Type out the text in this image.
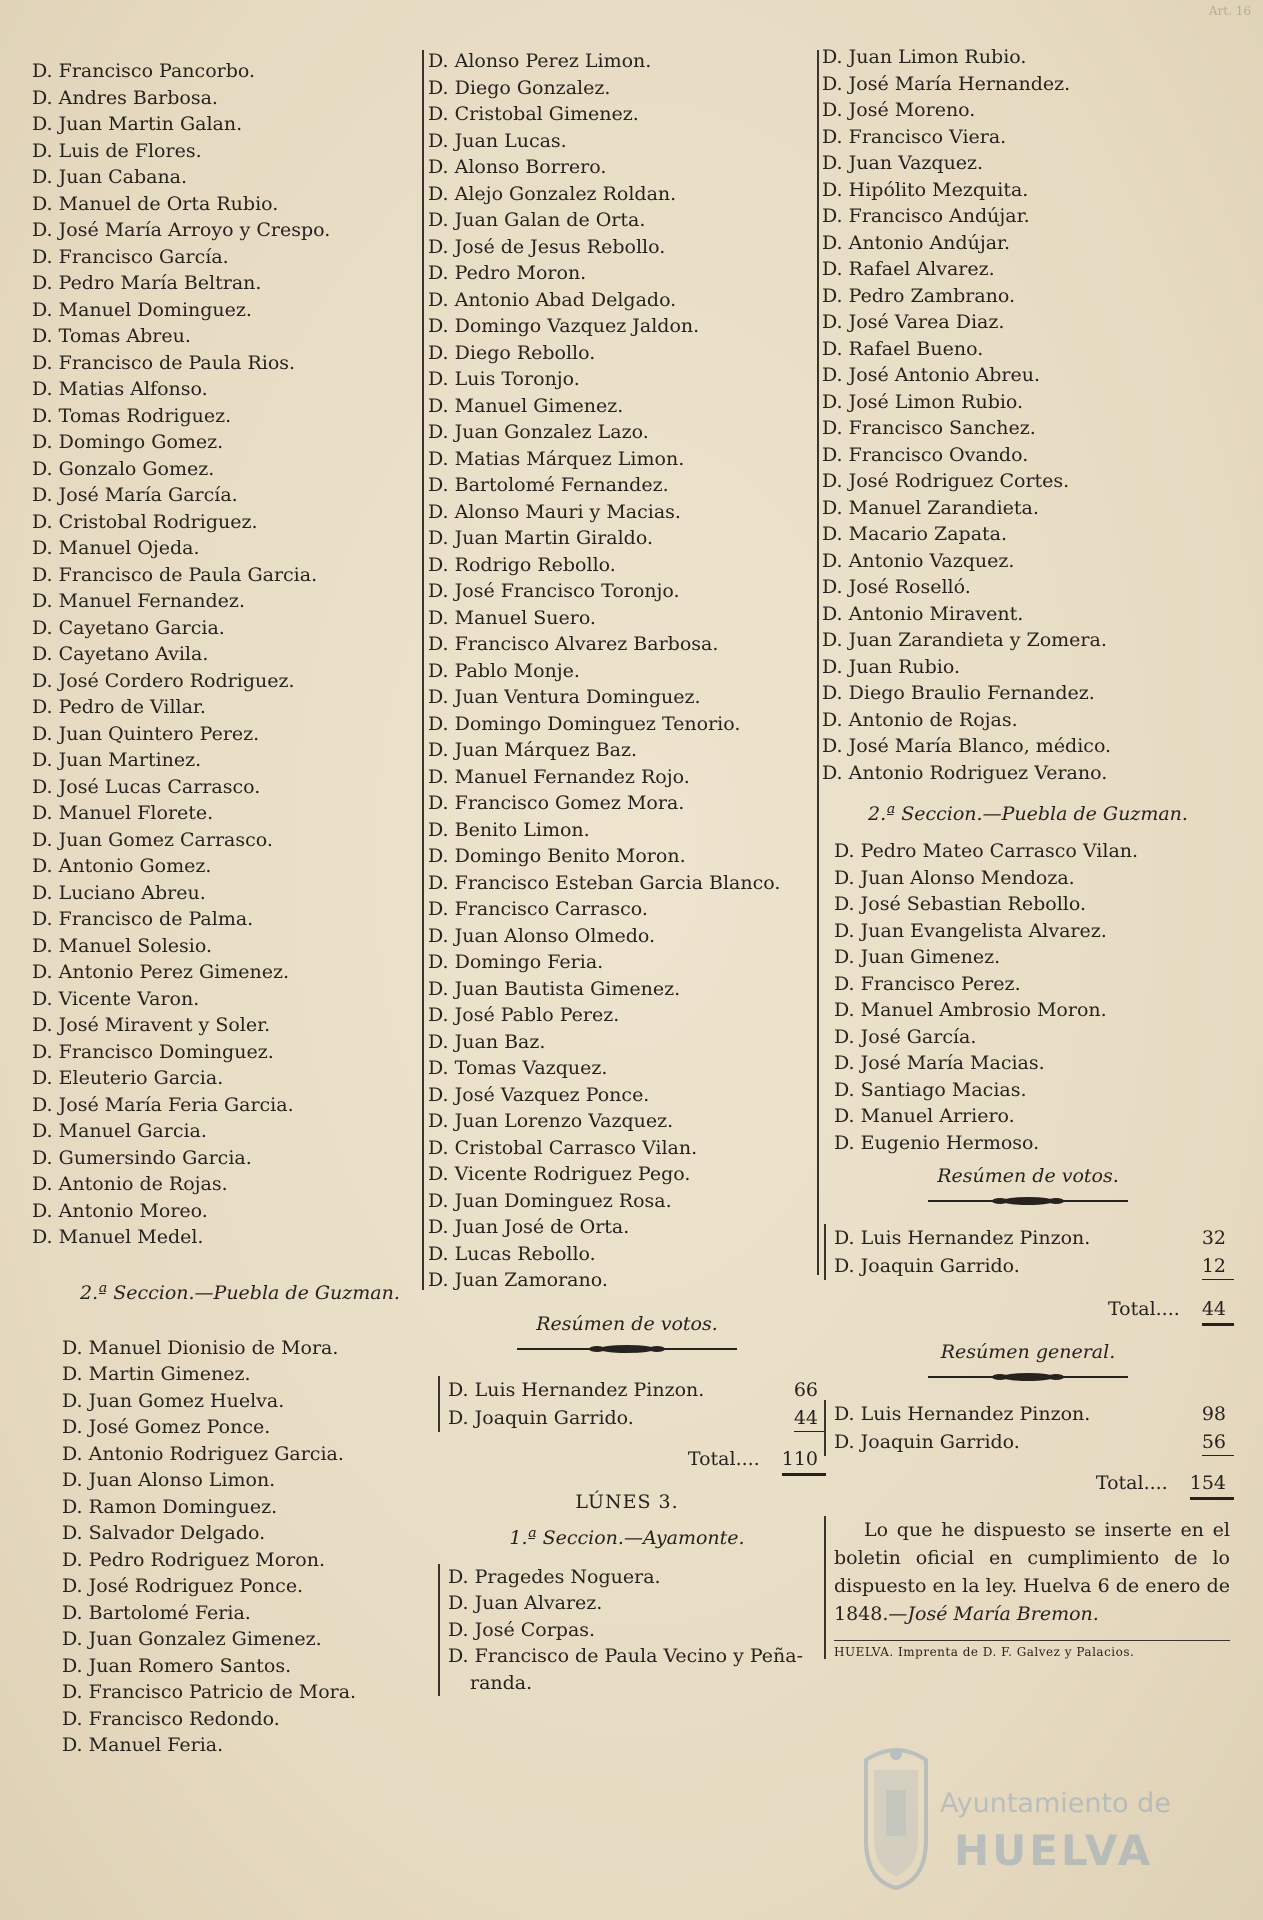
Art. 16
D. Francisco Pancorbo.
D. Andres Barbosa.
D. Juan Martin Galan.
D. Luis de Flores.
D. Juan Cabana.
D. Manuel de Orta Rubio.
D. José María Arroyo y Crespo.
D. Francisco García.
D. Pedro María Beltran.
D. Manuel Dominguez.
D. Tomas Abreu.
D. Francisco de Paula Rios.
D. Matias Alfonso.
D. Tomas Rodriguez.
D. Domingo Gomez.
D. Gonzalo Gomez.
D. José María García.
D. Cristobal Rodriguez.
D. Manuel Ojeda.
D. Francisco de Paula Garcia.
D. Manuel Fernandez.
D. Cayetano Garcia.
D. Cayetano Avila.
D. José Cordero Rodriguez.
D. Pedro de Villar.
D. Juan Quintero Perez.
D. Juan Martinez.
D. José Lucas Carrasco.
D. Manuel Florete.
D. Juan Gomez Carrasco.
D. Antonio Gomez.
D. Luciano Abreu.
D. Francisco de Palma.
D. Manuel Solesio.
D. Antonio Perez Gimenez.
D. Vicente Varon.
D. José Miravent y Soler.
D. Francisco Dominguez.
D. Eleuterio Garcia.
D. José María Feria Garcia.
D. Manuel Garcia.
D. Gumersindo Garcia.
D. Antonio de Rojas.
D. Antonio Moreo.
D. Manuel Medel.
2.ª Seccion.—Puebla de Guzman.
D. Manuel Dionisio de Mora.
D. Martin Gimenez.
D. Juan Gomez Huelva.
D. José Gomez Ponce.
D. Antonio Rodriguez Garcia.
D. Juan Alonso Limon.
D. Ramon Dominguez.
D. Salvador Delgado.
D. Pedro Rodriguez Moron.
D. José Rodriguez Ponce.
D. Bartolomé Feria.
D. Juan Gonzalez Gimenez.
D. Juan Romero Santos.
D. Francisco Patricio de Mora.
D. Francisco Redondo.
D. Manuel Feria.
D. Alonso Perez Limon.
D. Diego Gonzalez.
D. Cristobal Gimenez.
D. Juan Lucas.
D. Alonso Borrero.
D. Alejo Gonzalez Roldan.
D. Juan Galan de Orta.
D. José de Jesus Rebollo.
D. Pedro Moron.
D. Antonio Abad Delgado.
D. Domingo Vazquez Jaldon.
D. Diego Rebollo.
D. Luis Toronjo.
D. Manuel Gimenez.
D. Juan Gonzalez Lazo.
D. Matias Márquez Limon.
D. Bartolomé Fernandez.
D. Alonso Mauri y Macias.
D. Juan Martin Giraldo.
D. Rodrigo Rebollo.
D. José Francisco Toronjo.
D. Manuel Suero.
D. Francisco Alvarez Barbosa.
D. Pablo Monje.
D. Juan Ventura Dominguez.
D. Domingo Dominguez Tenorio.
D. Juan Márquez Baz.
D. Manuel Fernandez Rojo.
D. Francisco Gomez Mora.
D. Benito Limon.
D. Domingo Benito Moron.
D. Francisco Esteban Garcia Blanco.
D. Francisco Carrasco.
D. Juan Alonso Olmedo.
D. Domingo Feria.
D. Juan Bautista Gimenez.
D. José Pablo Perez.
D. Juan Baz.
D. Tomas Vazquez.
D. José Vazquez Ponce.
D. Juan Lorenzo Vazquez.
D. Cristobal Carrasco Vilan.
D. Vicente Rodriguez Pego.
D. Juan Dominguez Rosa.
D. Juan José de Orta.
D. Lucas Rebollo.
D. Juan Zamorano.
Resúmen de votos.
D. Luis Hernandez Pinzon.	66
D. Joaquin Garrido.	44
Total.... 110
LÚNES 3.
1.ª Seccion.—Ayamonte.
D. Pragedes Noguera.
D. Juan Alvarez.
D. José Corpas.
D. Francisco de Paula Vecino y Peña-
randa.
D. Juan Limon Rubio.
D. José María Hernandez.
D. José Moreno.
D. Francisco Viera.
D. Juan Vazquez.
D. Hipólito Mezquita.
D. Francisco Andújar.
D. Antonio Andújar.
D. Rafael Alvarez.
D. Pedro Zambrano.
D. José Varea Diaz.
D. Rafael Bueno.
D. José Antonio Abreu.
D. José Limon Rubio.
D. Francisco Sanchez.
D. Francisco Ovando.
D. José Rodriguez Cortes.
D. Manuel Zarandieta.
D. Macario Zapata.
D. Antonio Vazquez.
D. José Roselló.
D. Antonio Miravent.
D. Juan Zarandieta y Zomera.
D. Juan Rubio.
D. Diego Braulio Fernandez.
D. Antonio de Rojas.
D. José María Blanco, médico.
D. Antonio Rodriguez Verano.
2.ª Seccion.—Puebla de Guzman.
D. Pedro Mateo Carrasco Vilan.
D. Juan Alonso Mendoza.
D. José Sebastian Rebollo.
D. Juan Evangelista Alvarez.
D. Juan Gimenez.
D. Francisco Perez.
D. Manuel Ambrosio Moron.
D. José García.
D. José María Macias.
D. Santiago Macias.
D. Manuel Arriero.
D. Eugenio Hermoso.
Resúmen de votos.
D. Luis Hernandez Pinzon.	32
D. Joaquin Garrido.	12
Total.... 44
Resúmen general.
D. Luis Hernandez Pinzon.	98
D. Joaquin Garrido.	56
Total.... 154
Lo que he dispuesto se inserte en el boletin oficial en cumplimiento de lo dispuesto en la ley. Huelva 6 de enero de 1848.—José María Bremon.
HUELVA. Imprenta de D. F. Galvez y Palacios.
Ayuntamiento de
HUELVA
